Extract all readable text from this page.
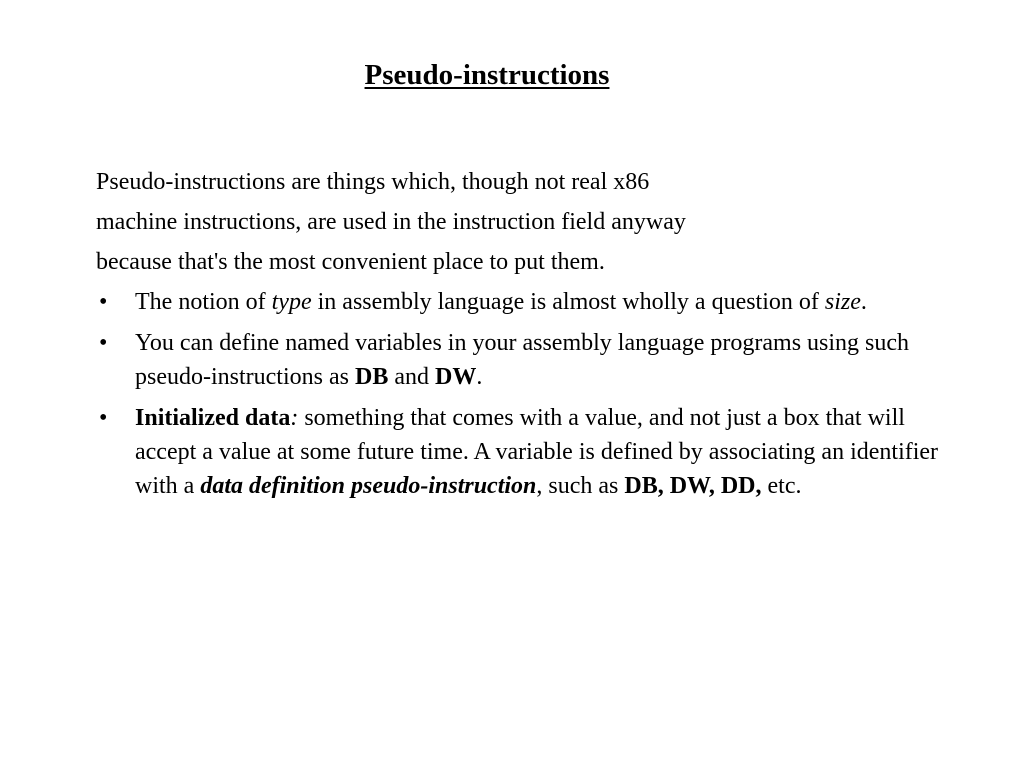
Pseudo-instructions
Pseudo-instructions are things which, though not real x86
machine instructions, are used in the instruction field anyway
because that's the most convenient place to put them.
• The notion of type in assembly language is almost wholly a question of size.
• You can define named variables in your assembly language programs using such pseudo-instructions as DB and DW.
• Initialized data: something that comes with a value, and not just a box that will accept a value at some future time. A variable is defined by associating an identifier with a data definition pseudo-instruction, such as DB, DW, DD, etc.
